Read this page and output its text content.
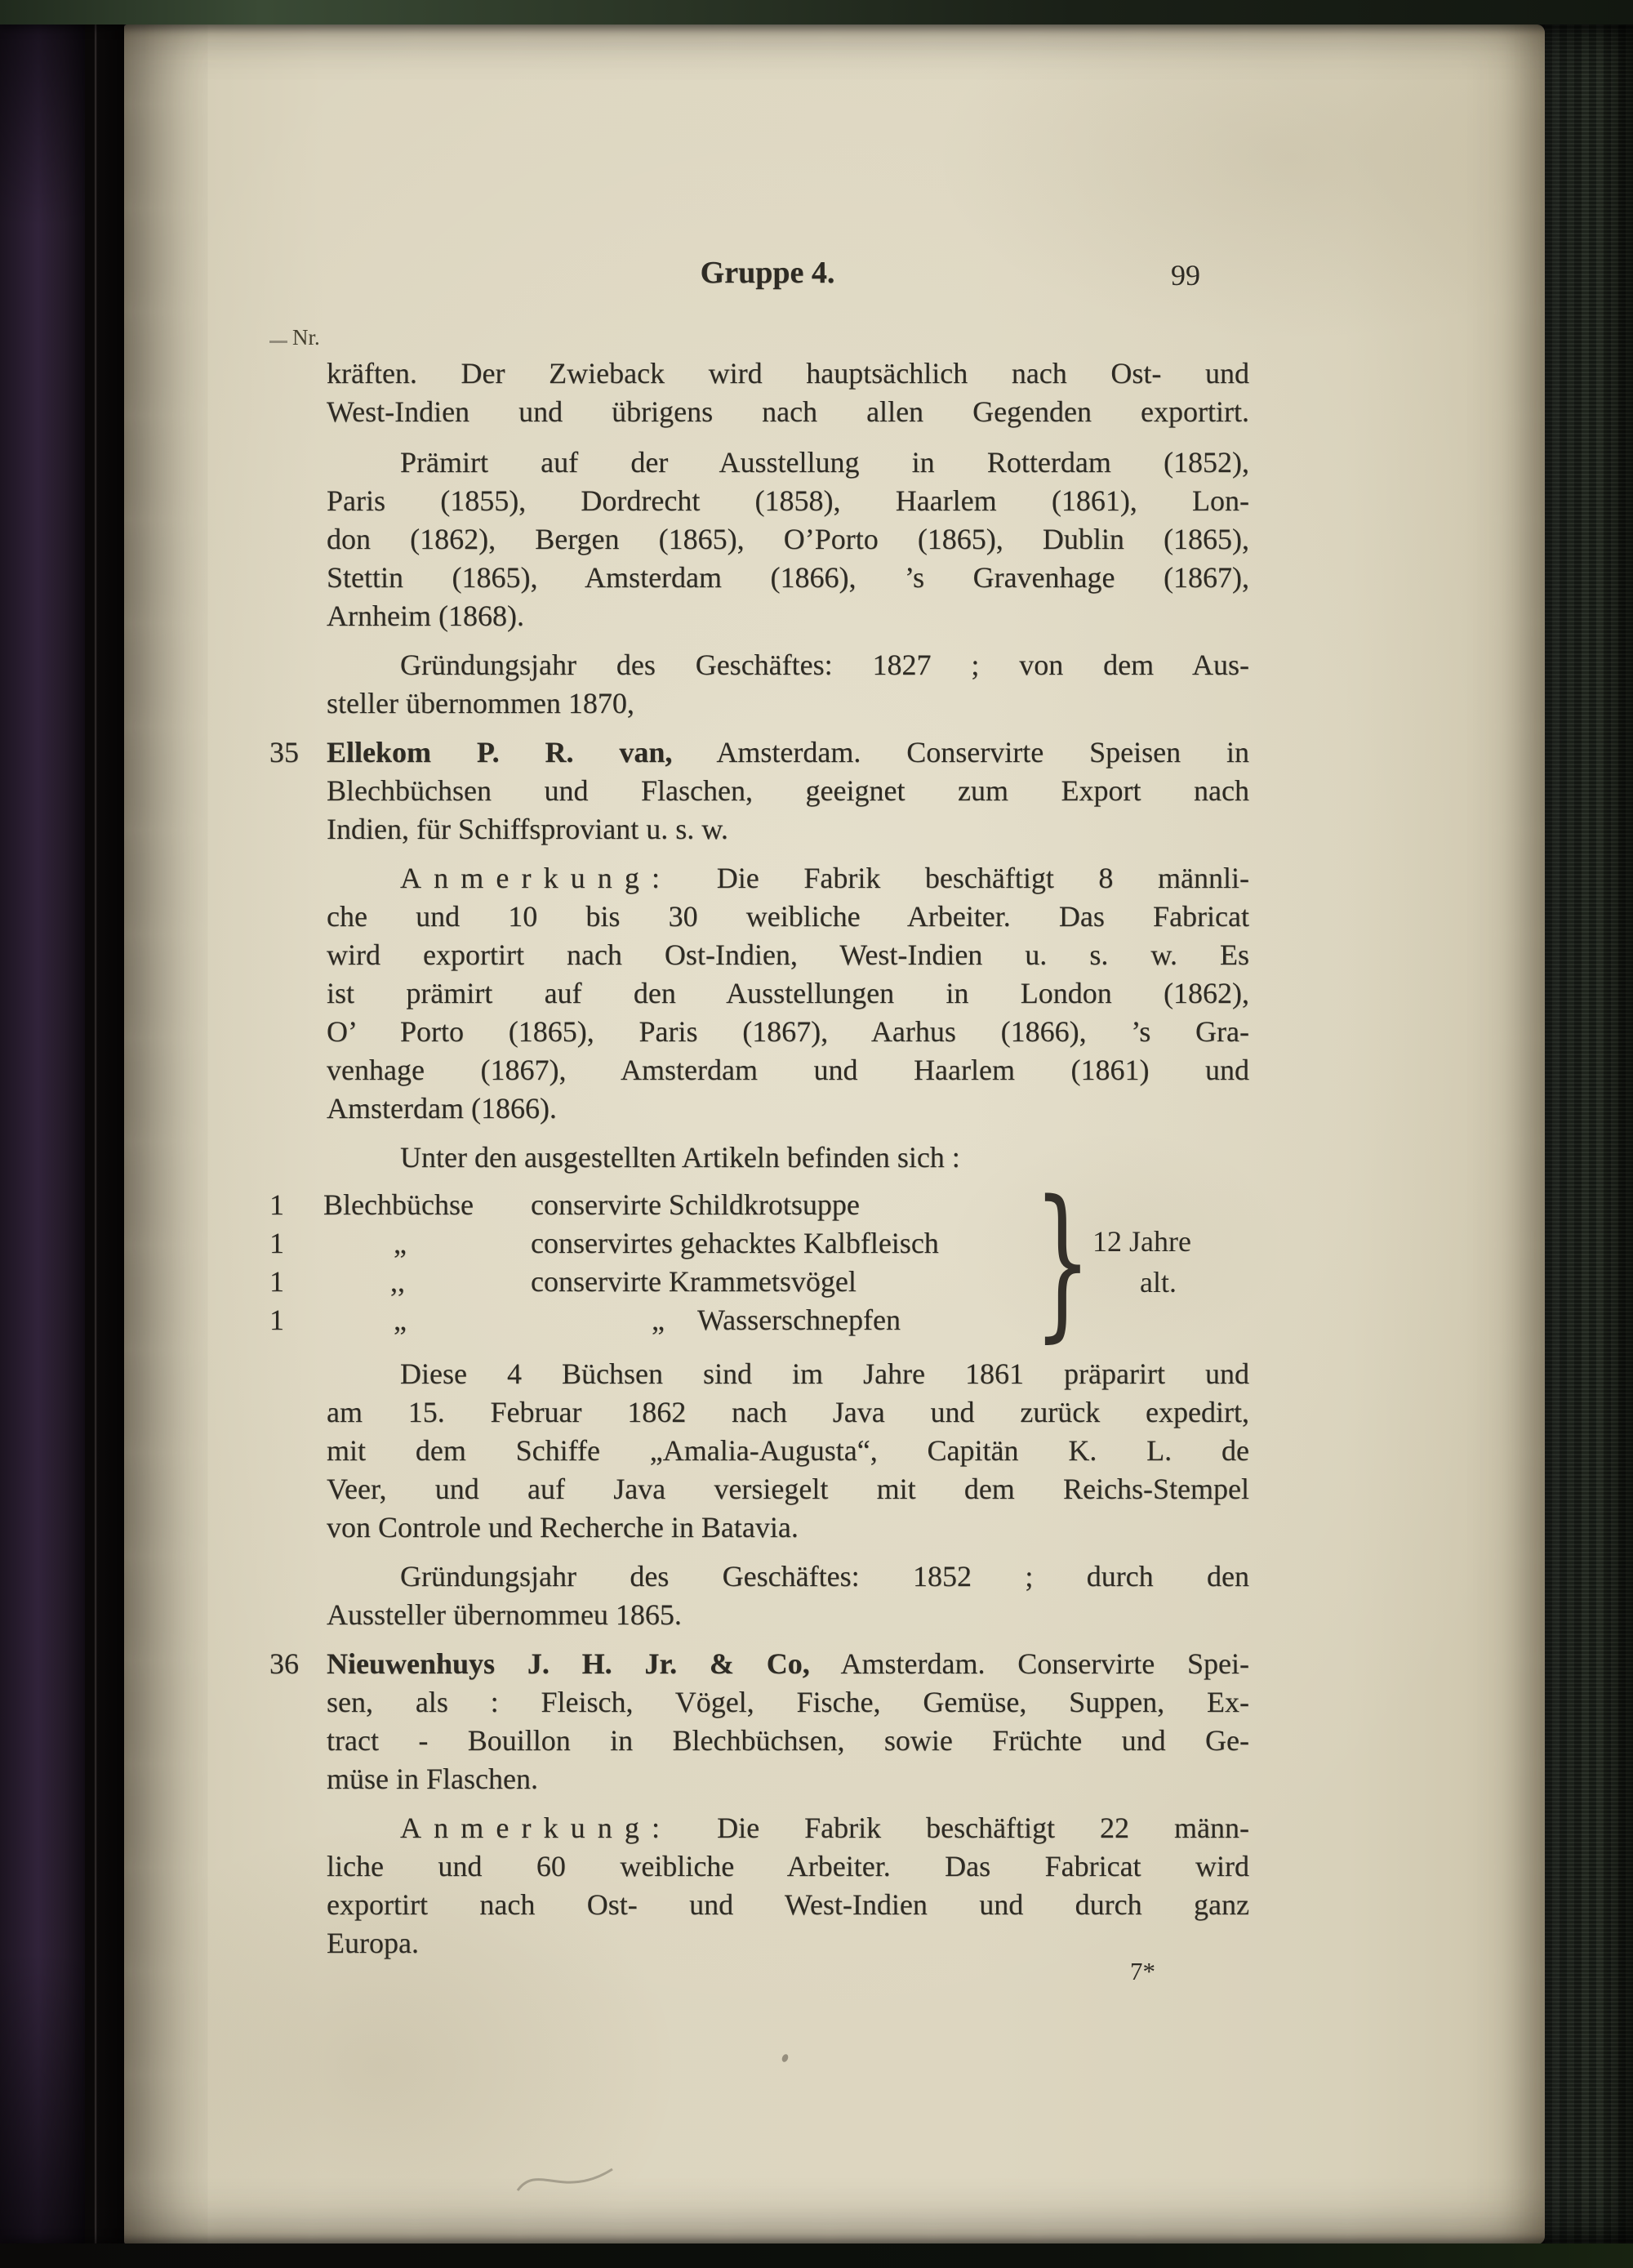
Gruppe 4.	99
Nr.
kräften. Der Zwieback wird hauptsächlich nach Ost- und
West-Indien und übrigens nach allen Gegenden exportirt.
Prämirt auf der Ausstellung in Rotterdam (1852),
Paris (1855), Dordrecht (1858), Haarlem (1861), Lon-
don (1862), Bergen (1865), O’Porto (1865), Dublin (1865),
Stettin (1865), Amsterdam (1866), ’s Gravenhage (1867),
Arnheim (1868).
Gründungsjahr des Geschäftes: 1827 ; von dem Aus-
steller übernommen 1870,
35 Ellekom P. R. van, Amsterdam. Conservirte Speisen in
Blechbüchsen und Flaschen, geeignet zum Export nach
Indien, für Schiffsproviant u. s. w.
Anmerkung: Die Fabrik beschäftigt 8 männli-
che und 10 bis 30 weibliche Arbeiter. Das Fabricat
wird exportirt nach Ost-Indien, West-Indien u. s. w. Es
ist prämirt auf den Ausstellungen in London (1862),
O’ Porto (1865), Paris (1867), Aarhus (1866), ’s Gra-
venhage (1867), Amsterdam und Haarlem (1861) und
Amsterdam (1866).
Unter den ausgestellten Artikeln befinden sich :
1 Blechbüchse conservirte Schildkrotsuppe
1	„	conservirtes gehacktes Kalbfleisch
1	,,	conservirte Krammetsvögel
1	„	„ Wasserschnepfen
Diese 4 Büchsen sind im Jahre 1861 präparirt und
am 15. Februar 1862 nach Java und zurück expedirt,
mit dem Schiffe „Amalia-Augusta“, Capitän K. L. de
Veer, und auf Java versiegelt mit dem Reichs-Stempel
von Controle und Recherche in Batavia.
Gründungsjahr des Geschäftes: 1852 ; durch den
Aussteller übernommeu 1865.
36 Nieuwenhuys J. H. Jr. & Co, Amsterdam. Conservirte Spei-
sen, als : Fleisch, Vögel, Fische, Gemüse, Suppen, Ex-
tract - Bouillon in Blechbüchsen, sowie Früchte und Ge-
müse in Flaschen.
Anmerkung: Die Fabrik beschäftigt 22 männ-
liche und 60 weibliche Arbeiter. Das Fabricat wird
exportirt nach Ost- und West-Indien und durch ganz
Europa.
} 12 Jahre
alt.
7*
